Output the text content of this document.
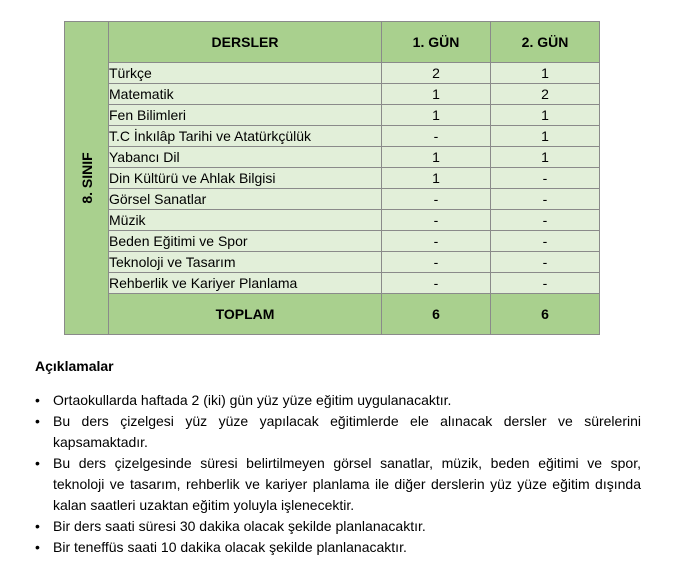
8. SINIF	DERSLER	1. GÜN	2. GÜN
	Türkçe	2	1
	Matematik	1	2
	Fen Bilimleri	1	1
	T.C İnkılâp Tarihi ve Atatürkçülük	-	1
	Yabancı Dil	1	1
	Din Kültürü ve Ahlak Bilgisi	1	-
	Görsel Sanatlar	-	-
	Müzik	-	-
	Beden Eğitimi ve Spor	-	-
	Teknoloji ve Tasarım	-	-
	Rehberlik ve Kariyer Planlama	-	-
	TOPLAM	6	6
Açıklamalar
• Ortaokullarda haftada 2 (iki) gün yüz yüze eğitim uygulanacaktır.
• Bu ders çizelgesi yüz yüze yapılacak eğitimlerde ele alınacak dersler ve sürelerini kapsamaktadır.
• Bu ders çizelgesinde süresi belirtilmeyen görsel sanatlar, müzik, beden eğitimi ve spor, teknoloji ve tasarım, rehberlik ve kariyer planlama ile diğer derslerin yüz yüze eğitim dışında kalan saatleri uzaktan eğitim yoluyla işlenecektir.
• Bir ders saati süresi 30 dakika olacak şekilde planlanacaktır.
• Bir teneffüs saati 10 dakika olacak şekilde planlanacaktır.
